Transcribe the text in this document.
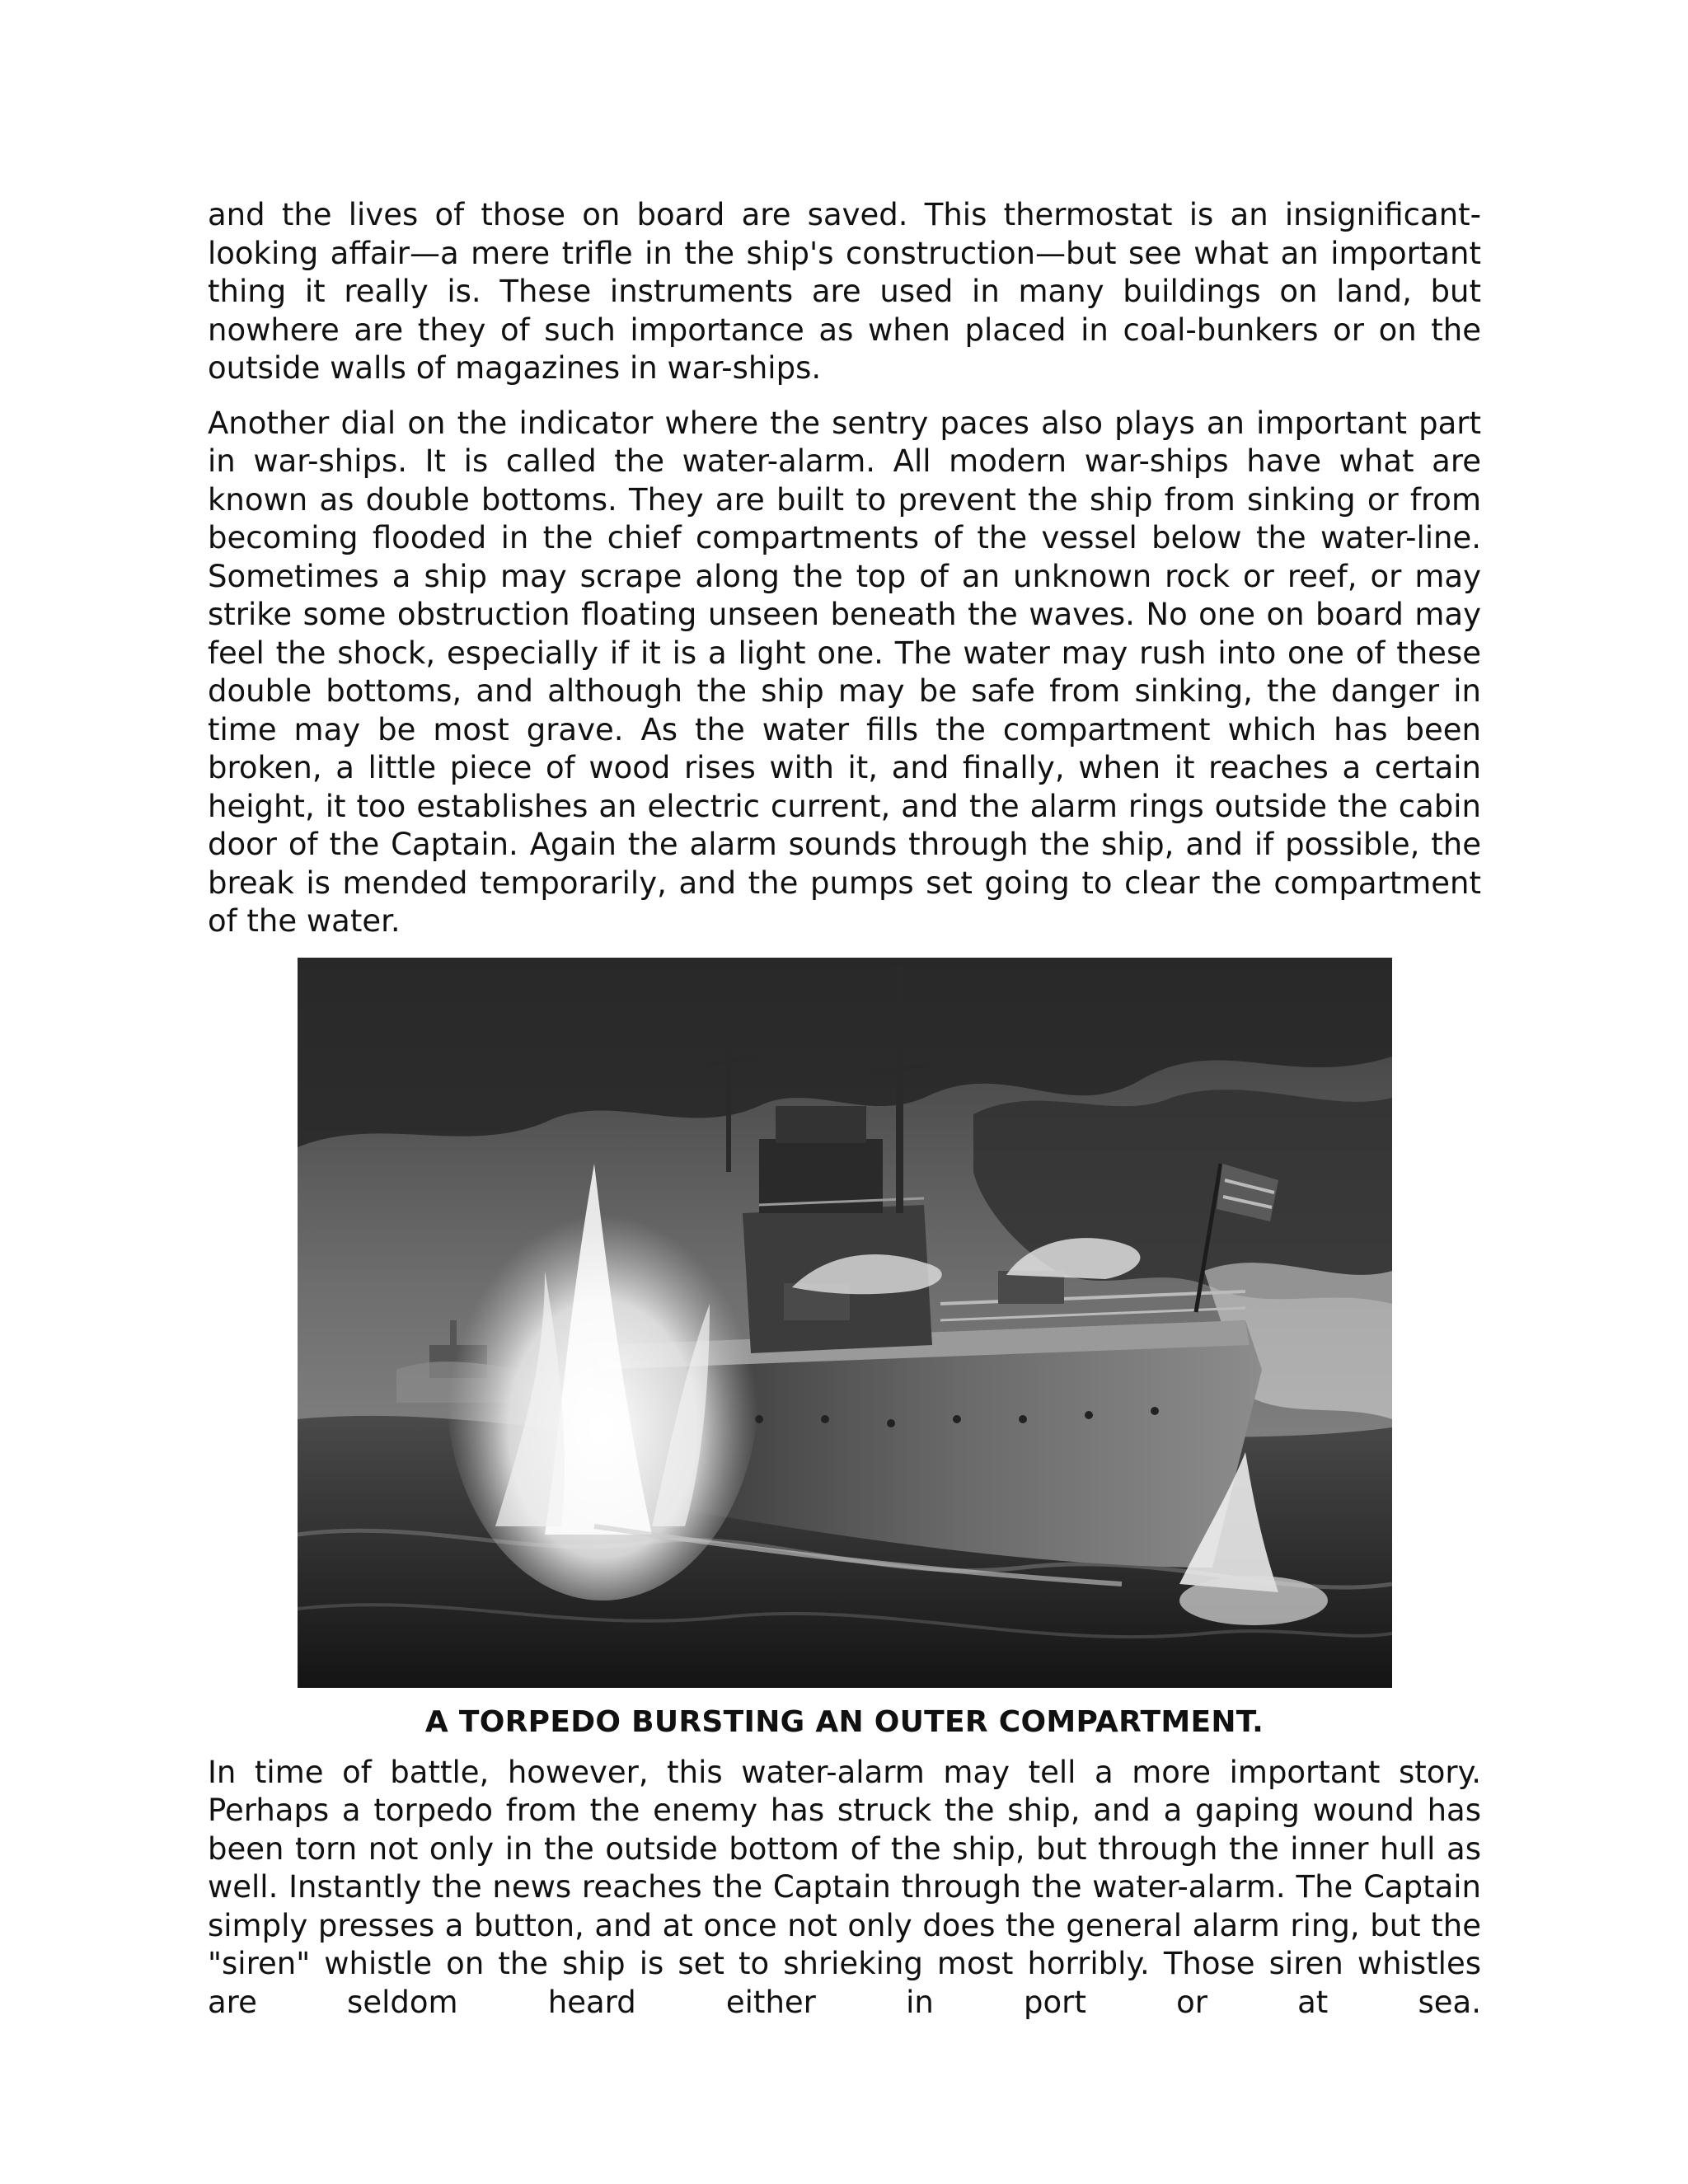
and the lives of those on board are saved. This thermostat is an insignificant-looking affair—a mere trifle in the ship's construction—but see what an important thing it really is. These instruments are used in many buildings on land, but nowhere are they of such importance as when placed in coal-bunkers or on the outside walls of magazines in war-ships.

Another dial on the indicator where the sentry paces also plays an important part in war-ships. It is called the water-alarm. All modern war-ships have what are known as double bottoms. They are built to prevent the ship from sinking or from becoming flooded in the chief compartments of the vessel below the water-line. Sometimes a ship may scrape along the top of an unknown rock or reef, or may strike some obstruction floating unseen beneath the waves. No one on board may feel the shock, especially if it is a light one. The water may rush into one of these double bottoms, and although the ship may be safe from sinking, the danger in time may be most grave. As the water fills the compartment which has been broken, a little piece of wood rises with it, and finally, when it reaches a certain height, it too establishes an electric current, and the alarm rings outside the cabin door of the Captain. Again the alarm sounds through the ship, and if possible, the break is mended temporarily, and the pumps set going to clear the compartment of the water.

A TORPEDO BURSTING AN OUTER COMPARTMENT.

In time of battle, however, this water-alarm may tell a more important story. Perhaps a torpedo from the enemy has struck the ship, and a gaping wound has been torn not only in the outside bottom of the ship, but through the inner hull as well. Instantly the news reaches the Captain through the water-alarm. The Captain simply presses a button, and at once not only does the general alarm ring, but the "siren" whistle on the ship is set to shrieking most horribly. Those siren whistles are seldom heard either in port or at sea.
